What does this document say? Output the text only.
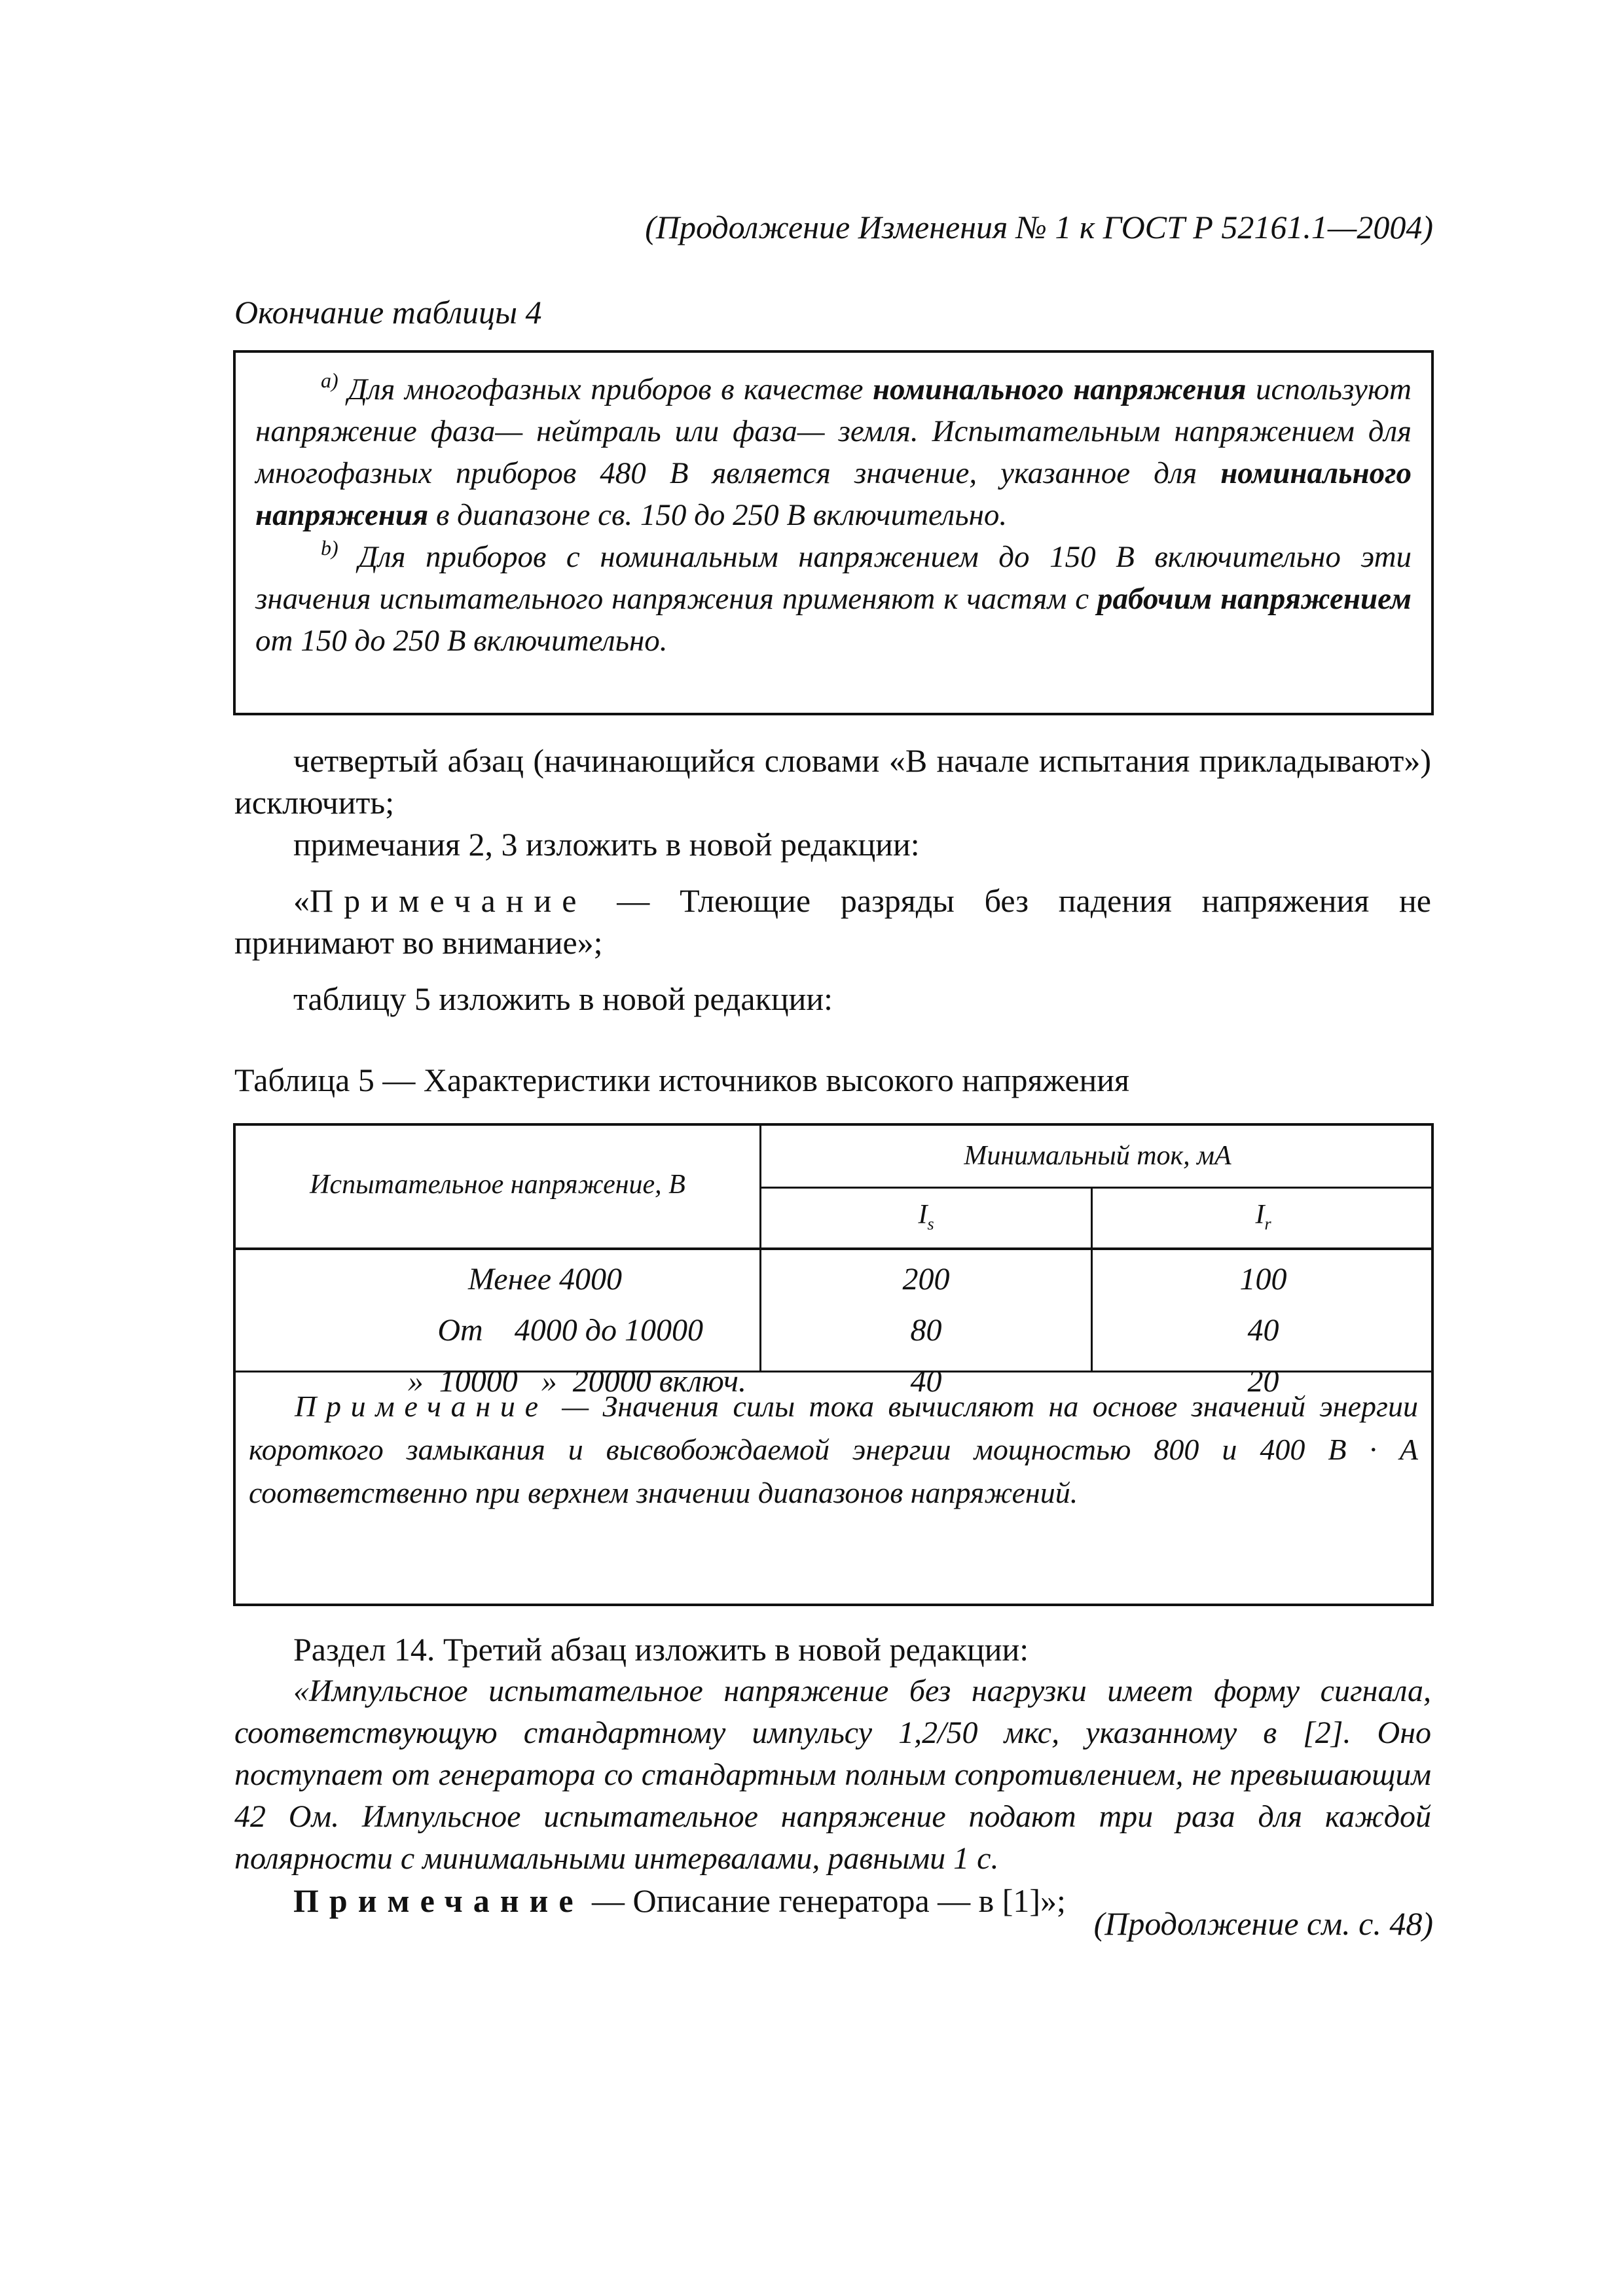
(Продолжение Изменения № 1 к ГОСТ Р 52161.1—2004)
Окончание таблицы 4

$^{a)}$ Для многофазных приборов в качестве номинального напряжения используют напряжение фаза— нейтраль или фаза— земля. Испытательным напряжением для многофазных приборов 480 В является значение, указанное для номинального напряжения в диапазоне св. 150 до 250 В включительно.

$^{b)}$ Для приборов с номинальным напряжением до 150 В включительно эти значения испытательного напряжения применяют к частям с рабочим напряжением от 150 до 250 В включительно.

четвертый абзац (начинающийся словами «В начале испытания прикладывают») исключить;

примечания 2, 3 изложить в новой редакции:

«Примечание — Тлеющие разряды без падения напряжения не принимают во внимание»;

таблицу 5 изложить в новой редакции:

Таблица 5 — Характеристики источников высокого напряжения
Испытательное напряжение, В
Минимальный ток, мА
$I_s$	$I_r$
Менее 4000
От    4000 до 10000
»  10000   »  20000 включ.
200
80
40
100
40
20

Примечание — Значения силы тока вычисляют на основе значений энергии короткого замыкания и высвобождаемой энергии мощностью 800 и 400 В · А соответственно при верхнем значении диапазонов напряжений.

Раздел 14. Третий абзац изложить в новой редакции:

«Импульсное испытательное напряжение без нагрузки имеет форму сигнала, соответствующую стандартному импульсу 1,2/50 мкс, указанному в [2]. Оно поступает от генератора со стандартным полным сопротивлением, не превышающим 42 Ом. Импульсное испытательное напряжение подают три раза для каждой полярности с минимальными интервалами, равными 1 с.

Примечание — Описание генератора — в [1]»;

(Продолжение см. с. 48)
